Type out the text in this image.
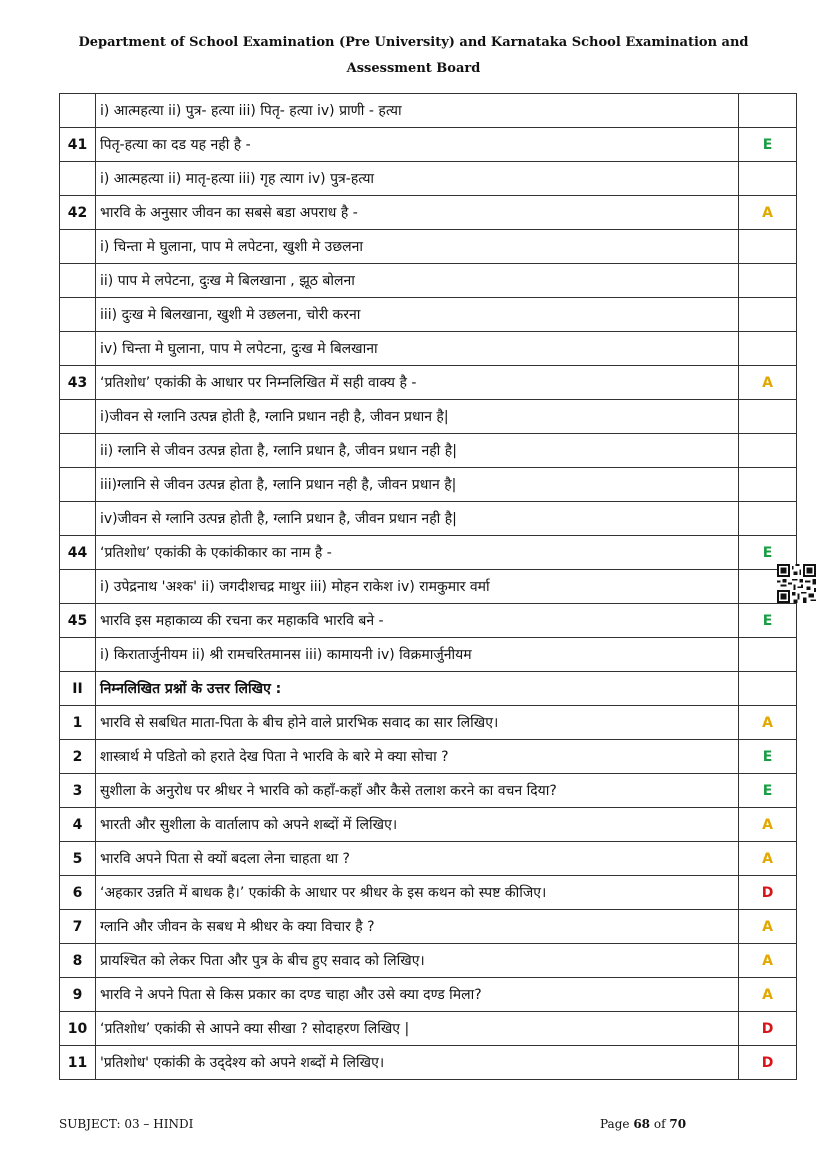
Department of School Examination (Pre University) and Karnataka School Examination and
Assessment Board
	i) आत्महत्या ii) पुत्र- हत्या iii) पितृ- हत्या iv) प्राणी - हत्या	
41	पितृ-हत्या का दड यह नही है -	E
	i) आत्महत्या ii) मातृ-हत्या iii) गृह त्याग iv) पुत्र-हत्या	
42	भारवि के अनुसार जीवन का सबसे बडा अपराध है -	A
	i) चिन्ता मे घुलाना, पाप मे लपेटना, खुशी मे उछलना	
	ii) पाप मे लपेटना, दुःख मे बिलखाना , झूठ बोलना	
	iii) दुःख मे बिलखाना, खुशी मे उछलना, चोरी करना	
	iv) चिन्ता मे घुलाना, पाप मे लपेटना, दुःख मे बिलखाना	
43	‘प्रतिशोध’ एकांकी के आधार पर निम्नलिखित में सही वाक्य है -	A
	i)जीवन से ग्लानि उत्पन्न होती है, ग्लानि प्रधान नही है, जीवन प्रधान है|	
	ii) ग्लानि से जीवन उत्पन्न होता है, ग्लानि प्रधान है, जीवन प्रधान नही है|	
	iii)ग्लानि से जीवन उत्पन्न होता है, ग्लानि प्रधान नही है, जीवन प्रधान है|	
	iv)जीवन से ग्लानि उत्पन्न होती है, ग्लानि प्रधान है, जीवन प्रधान नही है|	
44	‘प्रतिशोध’ एकांकी के एकांकीकार का नाम है -	E
	i) उपेद्रनाथ 'अश्क' ii) जगदीशचद्र माथुर iii) मोहन राकेश iv) रामकुमार वर्मा	
45	भारवि इस महाकाव्य की रचना कर महाकवि भारवि बने -	E
	i) किरातार्जुनीयम ii) श्री रामचरितमानस iii) कामायनी iv) विक्रमार्जुनीयम	
II	निम्नलिखित प्रश्नों के उत्तर लिखिए :	
1	भारवि से सबधित माता-पिता के बीच होने वाले प्रारभिक सवाद का सार लिखिए।	A
2	शास्त्रार्थ मे पडितो को हराते देख पिता ने भारवि के बारे मे क्या सोचा ?	E
3	सुशीला के अनुरोध पर श्रीधर ने भारवि को कहाँ-कहाँ और कैसे तलाश करने का वचन दिया?	E
4	भारती और सुशीला के वार्तालाप को अपने शब्दों में लिखिए।	A
5	भारवि अपने पिता से क्यों बदला लेना चाहता था ?	A
6	‘अहकार उन्नति में बाधक है।’ एकांकी के आधार पर श्रीधर के इस कथन को स्पष्ट कीजिए।	D
7	ग्लानि और जीवन के सबध मे श्रीधर के क्या विचार है ?	A
8	प्रायश्चित को लेकर पिता और पुत्र के बीच हुए सवाद को लिखिए।	A
9	भारवि ने अपने पिता से किस प्रकार का दण्ड चाहा और उसे क्या दण्ड मिला?	A
10	‘प्रतिशोध’ एकांकी से आपने क्या सीखा ? सोदाहरण लिखिए |	D
11	'प्रतिशोध' एकांकी के उद्‌देश्य को अपने शब्दों मे लिखिए।	D
SUBJECT: 03 – HINDI	Page 68 of 70
